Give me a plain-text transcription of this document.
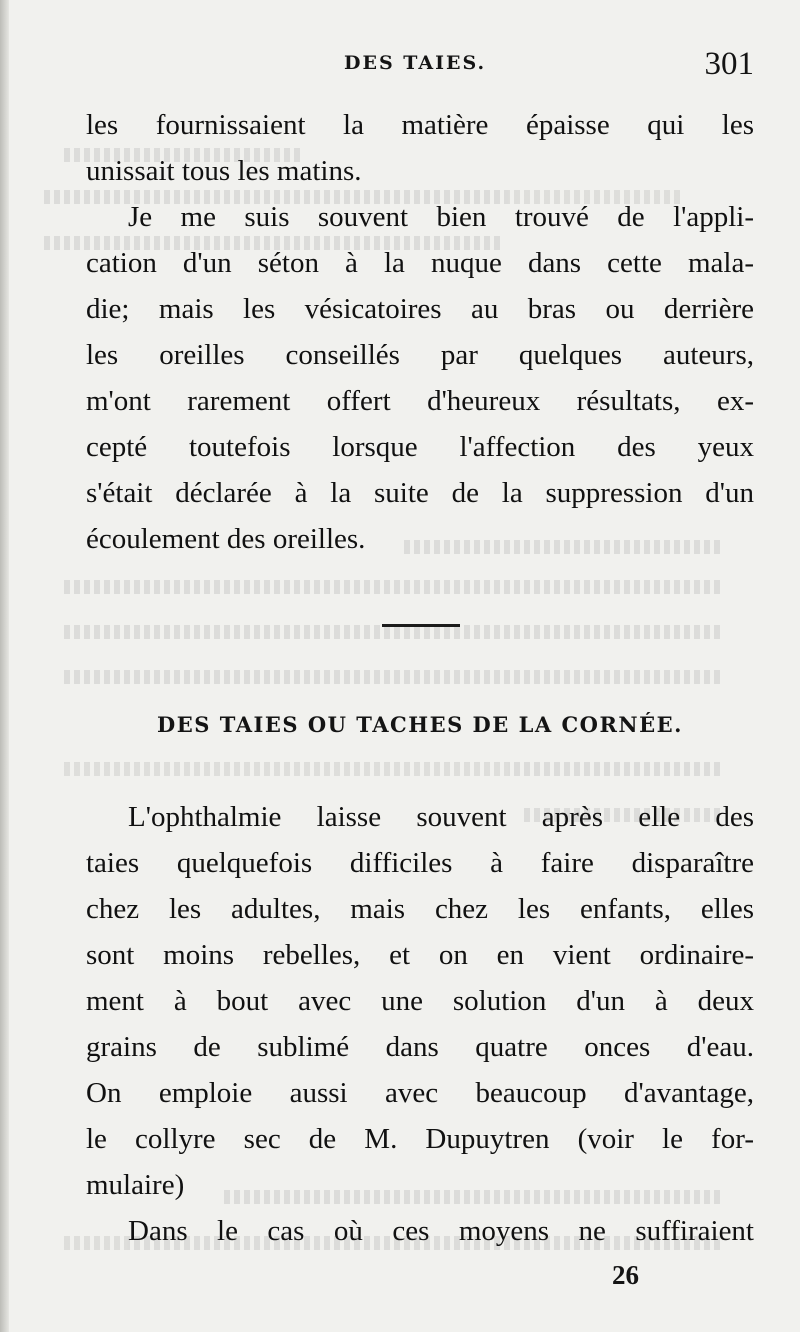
DES TAIES.	301
les fournissaient la matière épaisse qui les
unissait tous les matins.
Je me suis souvent bien trouvé de l'appli-
cation d'un séton à la nuque dans cette mala-
die; mais les vésicatoires au bras ou derrière
les oreilles conseillés par quelques auteurs,
m'ont rarement offert d'heureux résultats, ex-
cepté toutefois lorsque l'affection des yeux
s'était déclarée à la suite de la suppression d'un
écoulement des oreilles.
DES TAIES OU TACHES DE LA CORNÉE.
L'ophthalmie laisse souvent après elle des
taies quelquefois difficiles à faire disparaître
chez les adultes, mais chez les enfants, elles
sont moins rebelles, et on en vient ordinaire-
ment à bout avec une solution d'un à deux
grains de sublimé dans quatre onces d'eau.
On emploie aussi avec beaucoup d'avantage,
le collyre sec de M. Dupuytren (voir le for-
mulaire)
Dans le cas où ces moyens ne suffiraient
26
